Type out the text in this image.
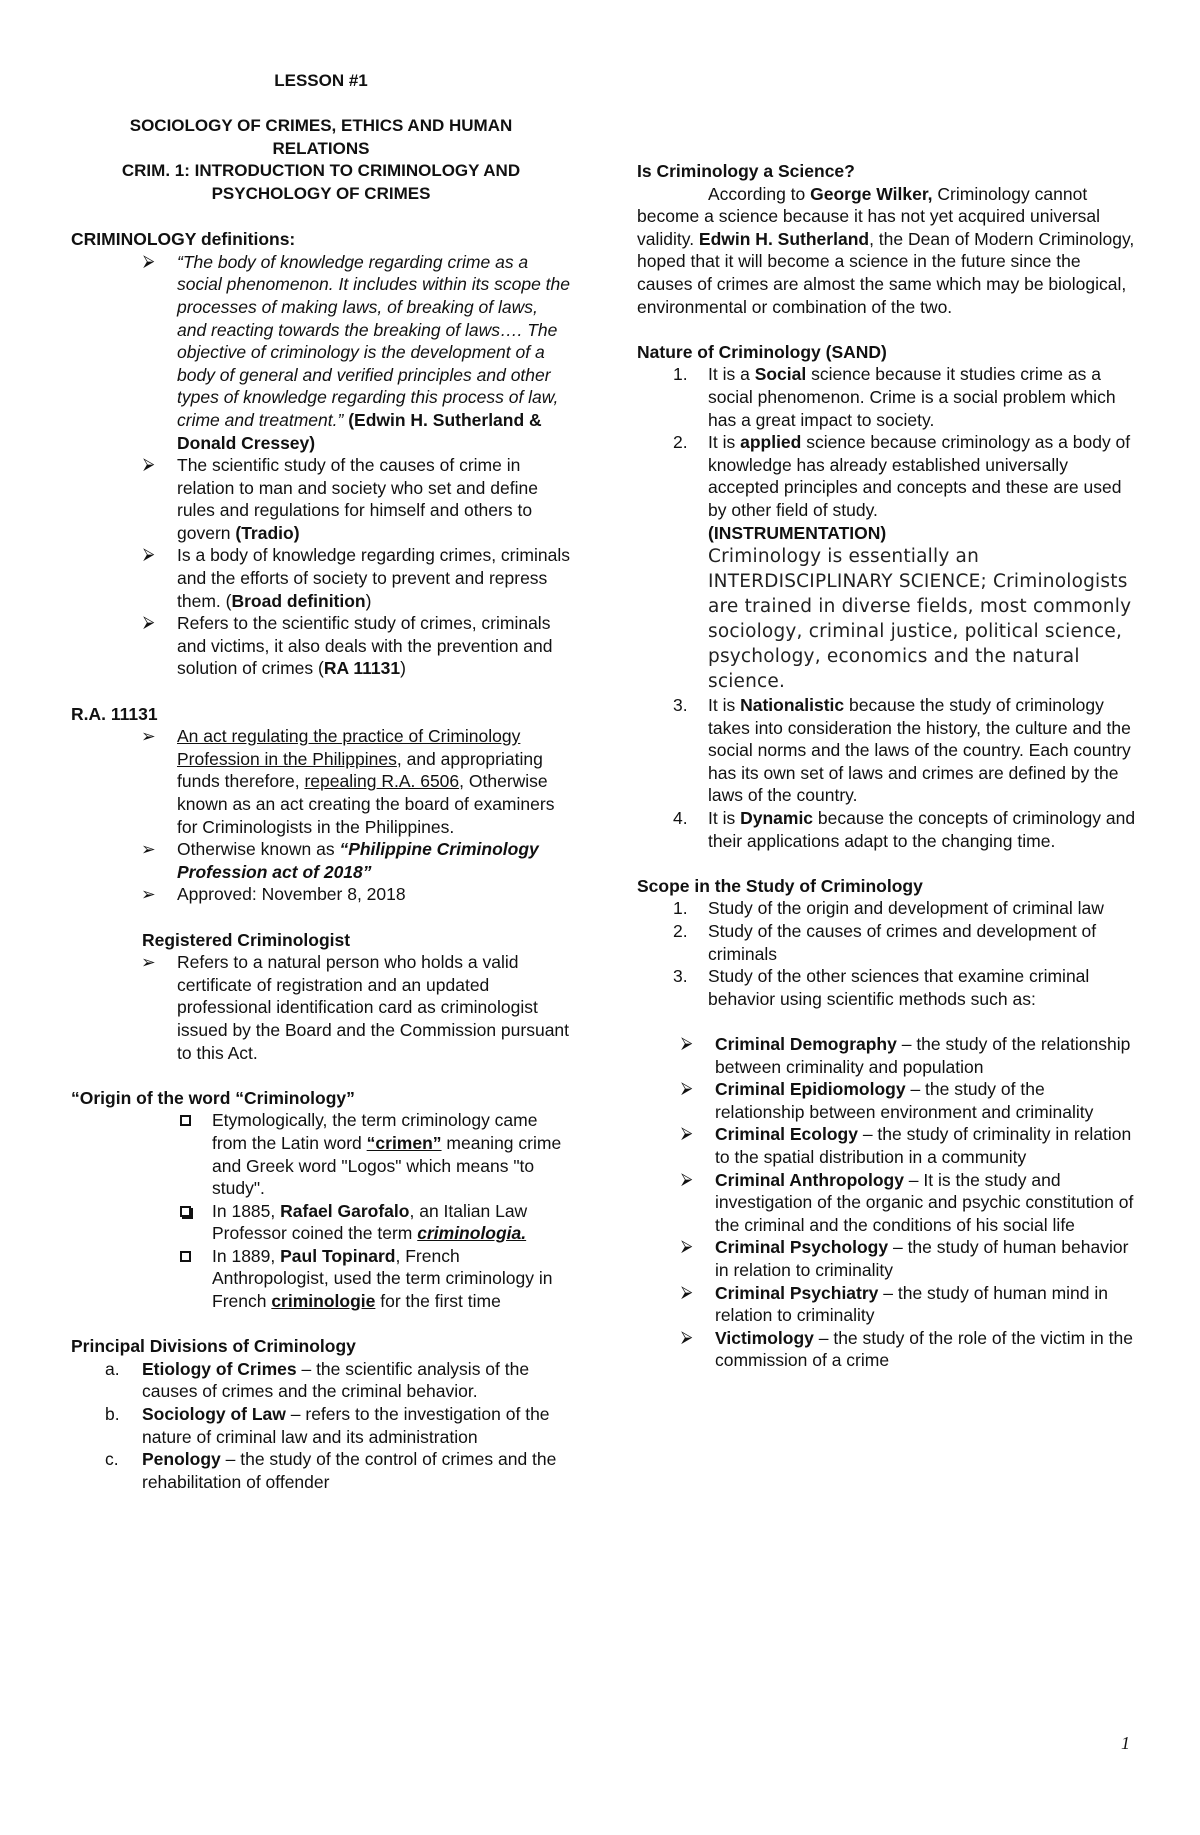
LESSON #1
SOCIOLOGY OF CRIMES, ETHICS AND HUMAN
RELATIONS
CRIM. 1: INTRODUCTION TO CRIMINOLOGY AND
PSYCHOLOGY OF CRIMES
CRIMINOLOGY definitions:
⮚ “The body of knowledge regarding crime as a social phenomenon. It includes within its scope the processes of making laws, of breaking of laws, and reacting towards the breaking of laws…. The objective of criminology is the development of a body of general and verified principles and other types of knowledge regarding this process of law, crime and treatment.” (Edwin H. Sutherland & Donald Cressey)
⮚ The scientific study of the causes of crime in relation to man and society who set and define rules and regulations for himself and others to govern (Tradio)
⮚ Is a body of knowledge regarding crimes, criminals and the efforts of society to prevent and repress them. (Broad definition)
⮚ Refers to the scientific study of crimes, criminals and victims, it also deals with the prevention and solution of crimes (RA 11131)
R.A. 11131
➢ An act regulating the practice of Criminology Profession in the Philippines, and appropriating funds therefore, repealing R.A. 6506, Otherwise known as an act creating the board of examiners for Criminologists in the Philippines.
➢ Otherwise known as “Philippine Criminology Profession act of 2018”
➢ Approved: November 8, 2018
Registered Criminologist
➢ Refers to a natural person who holds a valid certificate of registration and an updated professional identification card as criminologist issued by the Board and the Commission pursuant to this Act.
“Origin of the word “Criminology”
Etymologically, the term criminology came from the Latin word “crimen” meaning crime and Greek word "Logos" which means "to study".
In 1885, Rafael Garofalo, an Italian Law Professor coined the term criminologia.
In 1889, Paul Topinard, French Anthropologist, used the term criminology in French criminologie for the first time
Principal Divisions of Criminology
a. Etiology of Crimes – the scientific analysis of the causes of crimes and the criminal behavior.
b. Sociology of Law – refers to the investigation of the nature of criminal law and its administration
c. Penology – the study of the control of crimes and the rehabilitation of offender
Is Criminology a Science?
According to George Wilker, Criminology cannot become a science because it has not yet acquired universal validity. Edwin H. Sutherland, the Dean of Modern Criminology, hoped that it will become a science in the future since the causes of crimes are almost the same which may be biological, environmental or combination of the two.
Nature of Criminology (SAND)
1. It is a Social science because it studies crime as a social phenomenon. Crime is a social problem which has a great impact to society.
2. It is applied science because criminology as a body of knowledge has already established universally accepted principles and concepts and these are used by other field of study.
(INSTRUMENTATION)
Criminology is essentially an INTERDISCIPLINARY SCIENCE; Criminologists are trained in diverse fields, most commonly sociology, criminal justice, political science, psychology, economics and the natural science.
3. It is Nationalistic because the study of criminology takes into consideration the history, the culture and the social norms and the laws of the country. Each country has its own set of laws and crimes are defined by the laws of the country.
4. It is Dynamic because the concepts of criminology and their applications adapt to the changing time.
Scope in the Study of Criminology
1. Study of the origin and development of criminal law
2. Study of the causes of crimes and development of criminals
3. Study of the other sciences that examine criminal behavior using scientific methods such as:
⮚ Criminal Demography – the study of the relationship between criminality and population
⮚ Criminal Epidiomology – the study of the relationship between environment and criminality
⮚ Criminal Ecology – the study of criminality in relation to the spatial distribution in a community
⮚ Criminal Anthropology – It is the study and investigation of the organic and psychic constitution of the criminal and the conditions of his social life
⮚ Criminal Psychology – the study of human behavior in relation to criminality
⮚ Criminal Psychiatry – the study of human mind in relation to criminality
⮚ Victimology – the study of the role of the victim in the commission of a crime
1
